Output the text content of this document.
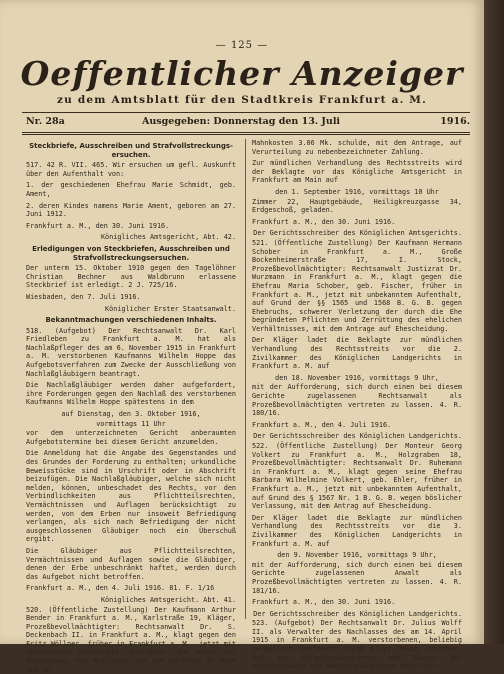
— 125 —
Oeffentlicher Anzeiger
zu dem Amtsblatt für den Stadtkreis Frankfurt a. M.
Nr. 28a	Ausgegeben: Donnerstag den 13. Juli	1916.

Steckbriefe, Ausschreiben und Strafvollstreckungs-ersuchen.

517. 42 R. VII. 465. Wir ersuchen um gefl. Auskunft über den Aufenthalt von:

1. der geschiedenen Ehefrau Marie Schmidt, geb. Ament,

2. deren Kindes namens Marie Ament, geboren am 27. Juni 1912.

Frankfurt a. M., den 30. Juni 1916.

Königliches Amtsgericht, Abt. 42.

Erledigungen von Steckbriefen, Ausschreiben und Strafvollstreckungsersuchen.

Der unterm 15. Oktober 1910 gegen den Tagelöhner Christian Bechner aus Waldbrunn erlassene Steckbrief ist erledigt. 2 J. 725/16.

Wiesbaden, den 7. Juli 1916.

Königlicher Erster Staatsanwalt.

Bekanntmachungen verschiedenen Inhalts.

518. (Aufgebot) Der Rechtsanwalt Dr. Karl Friedleben zu Frankfurt a. M. hat als Nachlaßpfleger des am 6. November 1915 in Frankfurt a. M. verstorbenen Kaufmanns Wilhelm Hoppe das Aufgebotsverfahren zum Zwecke der Ausschließung von Nachlaßgläubigern beantragt.

Die Nachlaßgläubiger werden daher aufgefordert, ihre Forderungen gegen den Nachlaß des verstorbenen Kaufmanns Wilhelm Hoppe spätestens in dem

auf Dienstag, den 3. Oktober 1916,

vormittags 11 Uhr

vor dem unterzeichneten Gericht anberaumten Aufgebotstermine bei diesem Gericht anzumelden.

Die Anmeldung hat die Angabe des Gegenstandes und des Grundes der Forderung zu enthalten; urkundliche Beweisstücke sind in Urschrift oder in Abschrift beizufügen. Die Nachlaßgläubiger, welche sich nicht melden, können, unbeschadet des Rechts, vor den Verbindlichkeiten aus Pflichtteilsrechten, Vermächtnissen und Auflagen berücksichtigt zu werden, von dem Erben nur insoweit Befriedigung verlangen, als sich nach Befriedigung der nicht ausgeschlossenen Gläubiger noch ein Überschuß ergibt.

Die Gläubiger aus Pflichtteilsrechten, Vermächtnissen und Auflagen sowie die Gläubiger, denen der Erbe unbeschränkt haftet, werden durch das Aufgebot nicht betroffen.

Frankfurt a. M., den 4. Juli 1916. 81. F. 1/16

Königliches Amtsgericht. Abt. 41.

520. (Öffentliche Zustellung) Der Kaufmann Arthur Bender in Frankfurt a. M., Karlstraße 19, Kläger, Prozeßbevollmächtigter: Rechtsanwalt Dr. S. Deckenbach II. in Frankfurt a. M., klagt gegen den Fritz Wöllner, früher in Frankfurt a. M., jetzt mit unbekanntem Aufenthalt, Beklagter, auf Grund der Behauptung, daß Beklagter ihm ein Darlehen 45 Mark und an

Mahnkosten 3.06 Mk. schulde, mit dem Antrage, auf Verurteilung zu nebenbezeichneter Zahlung.

Zur mündlichen Verhandlung des Rechtsstreits wird der Beklagte vor das Königliche Amtsgericht in Frankfurt am Main auf

den 1. September 1916, vormittags 10 Uhr

Zimmer 22, Hauptgebäude, Heiligkreuzgasse 34, Erdgeschoß, geladen.

Frankfurt a. M., den 30. Juni 1916.

Der Gerichtsschreiber des Königlichen Amtsgerichts.

521. (Öffentliche Zustellung) Der Kaufmann Hermann Schober in Frankfurt a. M., Große Bockenheimerstraße 17, I. Stock, Prozeßbevollmächtigter: Rechtsanwalt Justizrat Dr. Wurzmann in Frankfurt a. M., klagt gegen die Ehefrau Maria Schober, geb. Fischer, früher in Frankfurt a. M., jetzt mit unbekanntem Aufenthalt, auf Grund der §§ 1565 und 1568 B. G. B. gegen Ehebruchs, schwerer Verletzung der durch die Ehe begründeten Pflichten und Zerrüttung des ehelichen Verhältnisses, mit dem Antrage auf Ehescheidung.

Der Kläger ladet die Beklagte zur mündlichen Verhandlung des Rechtsstreits vor die 2. Zivilkammer des Königlichen Landgerichts in Frankfurt a. M. auf

den 18. November 1916, vormittags 9 Uhr,

mit der Aufforderung, sich durch einen bei diesem Gerichte zugelassenen Rechtsanwalt als Prozeßbevollmächtigten vertreten zu lassen. 4. R. 180/16.

Frankfurt a. M., den 4. Juli 1916.

Der Gerichtsschreiber des Königlichen Landgerichts.

522. (Öffentliche Zustellung) Der Monteur Georg Volkert zu Frankfurt a. M., Holzgraben 18, Prozeßbevollmächtigter: Rechtsanwalt Dr. Ruhemann in Frankfurt a. M., klagt gegen seine Ehefrau Barbara Wilhelmine Volkert, geb. Ehler, früher in Frankfurt a. M., jetzt mit unbekanntem Aufenthalt, auf Grund des § 1567 Nr. 1 B. G. B. wegen böslicher Verlassung, mit dem Antrag auf Ehescheidung.

Der Kläger ladet die Beklagte zur mündlichen Verhandlung des Rechtsstreits vor die 3. Zivilkammer des Königlichen Landgerichts in Frankfurt a. M. auf

den 9. November 1916, vormittags 9 Uhr,

mit der Aufforderung, sich durch einen bei diesem Gerichte zugelassenen Anwalt als Prozeßbevollmächtigten vertreten zu lassen. 4. R. 181/16.

Frankfurt a. M., den 30. Juni 1916.

Der Gerichtsschreiber des Königlichen Landgerichts.

523. (Aufgebot) Der Rechtsanwalt Dr. Julius Wolff II. als Verwalter des Nachlasses des am 14. April 1915 in Frankfurt a. M. verstorbenen, beliebig vermutlich Kaufmanns Jacob Aloys Jakob Johannes, hat das Aufgebotsverfahren zum Zwecke der Ausschließung von Nachlaßgläubigern beantragt.
